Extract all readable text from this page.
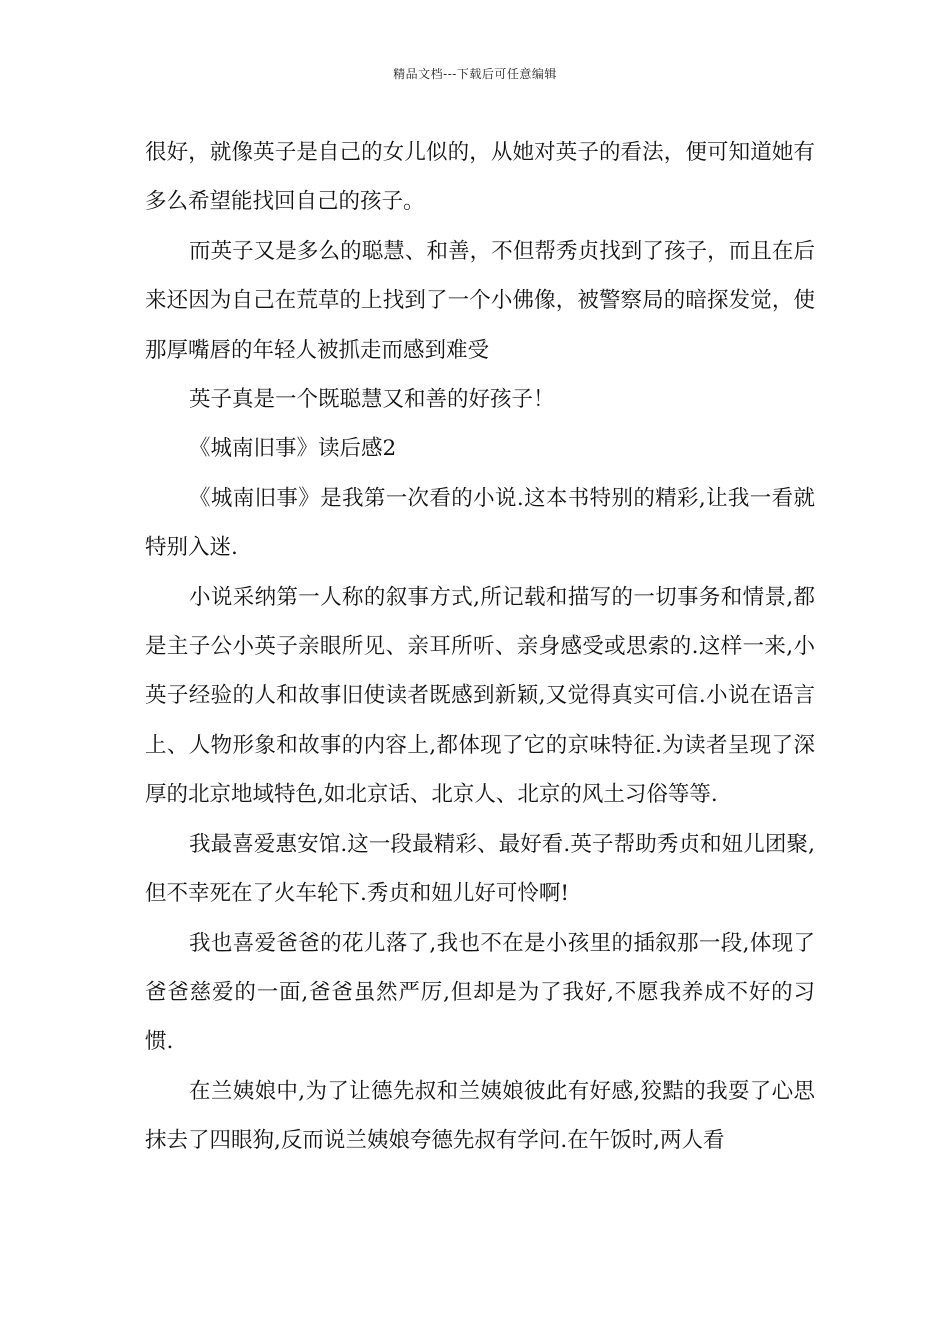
精品文档---下载后可任意编辑

很好，就像英子是自己的女儿似的，从她对英子的看法，便可知道她有多么希望能找回自己的孩子。

而英子又是多么的聪慧、和善，不但帮秀贞找到了孩子，而且在后来还因为自己在荒草的上找到了一个小佛像，被警察局的暗探发觉，使那厚嘴唇的年轻人被抓走而感到难受

英子真是一个既聪慧又和善的好孩子！

《城南旧事》读后感2

《城南旧事》是我第一次看的小说.这本书特别的精彩,让我一看就特别入迷.

小说采纳第一人称的叙事方式,所记载和描写的一切事务和情景,都是主子公小英子亲眼所见、亲耳所听、亲身感受或思索的.这样一来,小英子经验的人和故事旧使读者既感到新颖,又觉得真实可信.小说在语言上、人物形象和故事的内容上,都体现了它的京味特征.为读者呈现了深厚的北京地域特色,如北京话、北京人、北京的风土习俗等等.

我最喜爱惠安馆.这一段最精彩、最好看.英子帮助秀贞和妞儿团聚,但不幸死在了火车轮下.秀贞和妞儿好可怜啊!

我也喜爱爸爸的花儿落了,我也不在是小孩里的插叙那一段,体现了爸爸慈爱的一面,爸爸虽然严厉,但却是为了我好,不愿我养成不好的习惯.

在兰姨娘中,为了让德先叔和兰姨娘彼此有好感,狡黠的我耍了心思抹去了四眼狗,反而说兰姨娘夸德先叔有学问.在午饭时,两人看
